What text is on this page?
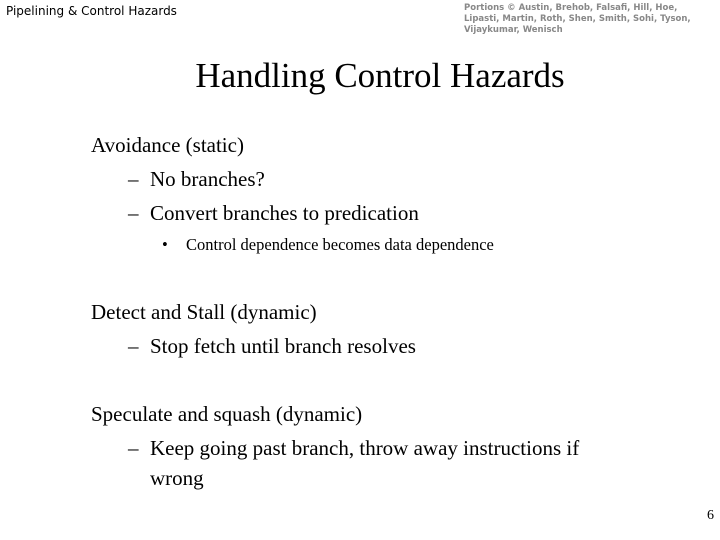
Pipelining & Control Hazards	Portions © Austin, Brehob, Falsafi, Hill, Hoe, Lipasti, Martin, Roth, Shen, Smith, Sohi, Tyson, Vijaykumar, Wenisch
Handling Control Hazards
Avoidance (static)
– No branches?
– Convert branches to predication
• Control dependence becomes data dependence
Detect and Stall (dynamic)
– Stop fetch until branch resolves
Speculate and squash (dynamic)
– Keep going past branch, throw away instructions if
wrong
6
